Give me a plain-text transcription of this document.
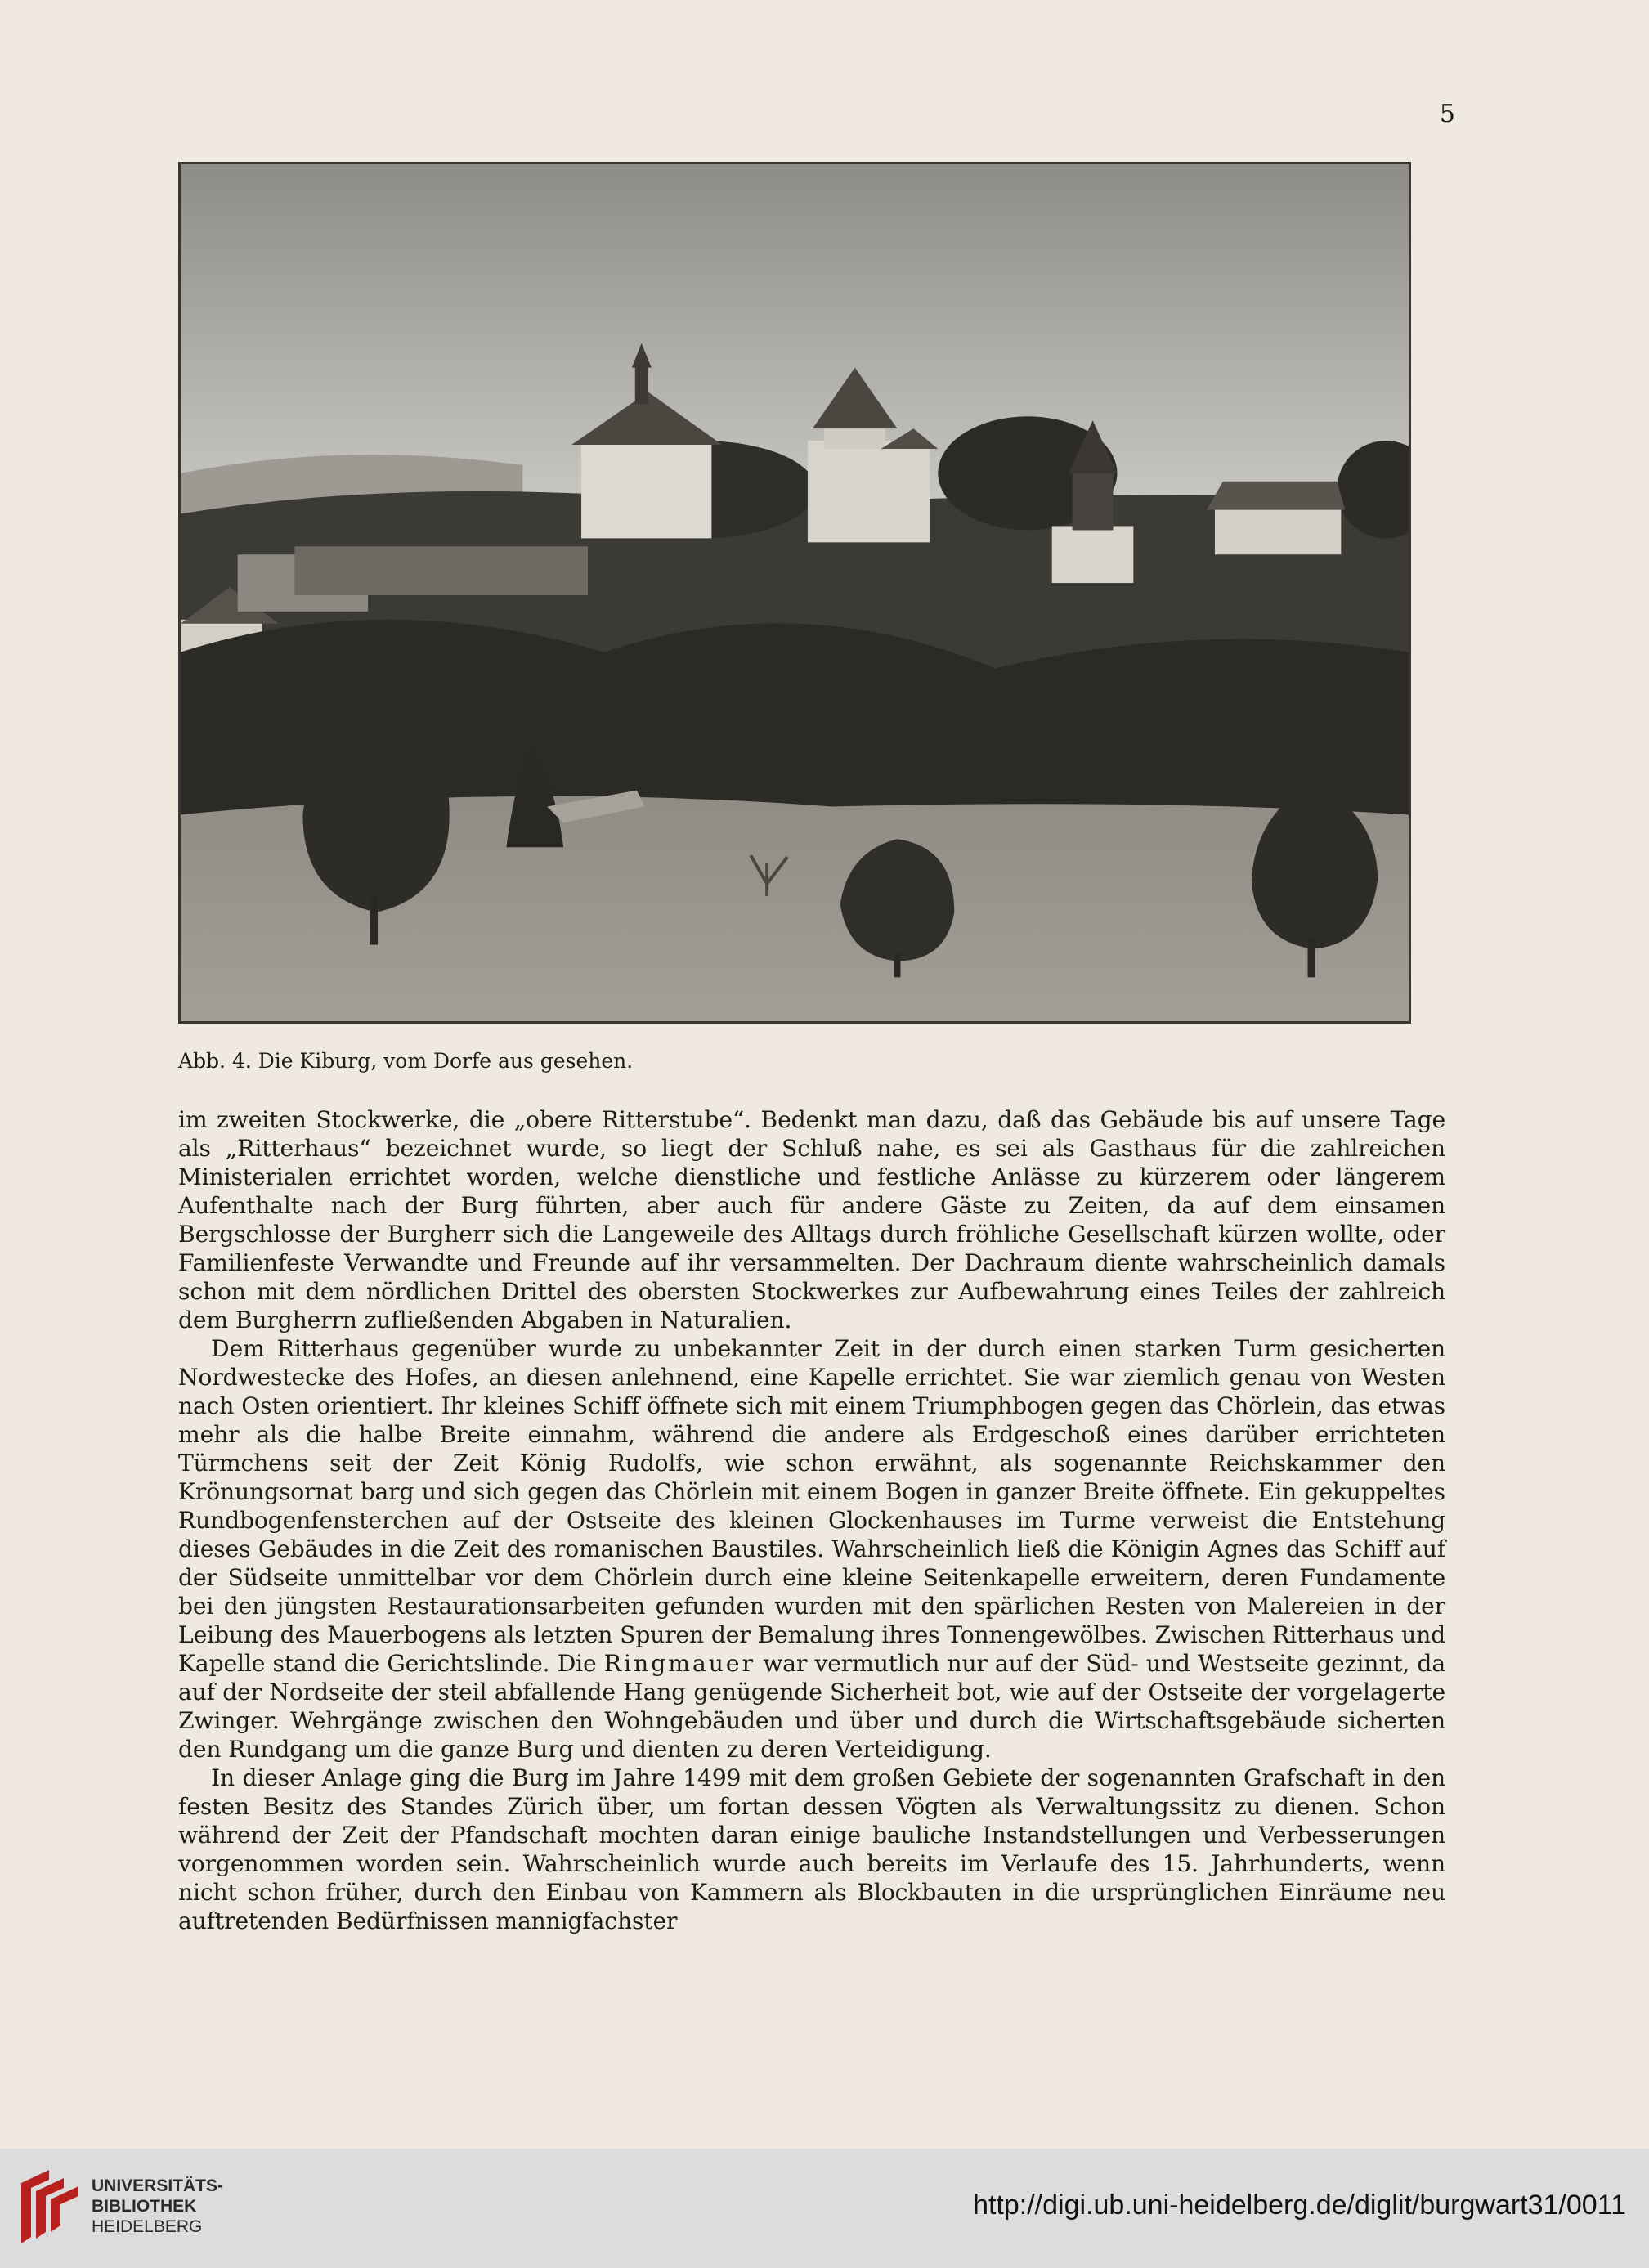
5
Abb. 4. Die Kiburg, vom Dorfe aus gesehen.

im zweiten Stockwerke, die „obere Ritterstube“. Bedenkt man dazu, daß das Gebäude bis auf unsere Tage als „Ritterhaus“ bezeichnet wurde, so liegt der Schluß nahe, es sei als Gasthaus für die zahlreichen Ministerialen errichtet worden, welche dienstliche und festliche Anlässe zu kürzerem oder längerem Aufenthalte nach der Burg führten, aber auch für andere Gäste zu Zeiten, da auf dem einsamen Bergschlosse der Burgherr sich die Langeweile des Alltags durch fröhliche Gesellschaft kürzen wollte, oder Familienfeste Verwandte und Freunde auf ihr versammelten. Der Dachraum diente wahrscheinlich damals schon mit dem nördlichen Drittel des obersten Stockwerkes zur Aufbewahrung eines Teiles der zahlreich dem Burgherrn zufließenden Abgaben in Naturalien.

Dem Ritterhaus gegenüber wurde zu unbekannter Zeit in der durch einen starken Turm gesicherten Nordwestecke des Hofes, an diesen anlehnend, eine Kapelle errichtet. Sie war ziemlich genau von Westen nach Osten orientiert. Ihr kleines Schiff öffnete sich mit einem Triumphbogen gegen das Chörlein, das etwas mehr als die halbe Breite einnahm, während die andere als Erdgeschoß eines darüber errichteten Türmchens seit der Zeit König Rudolfs, wie schon erwähnt, als sogenannte Reichskammer den Krönungsornat barg und sich gegen das Chörlein mit einem Bogen in ganzer Breite öffnete. Ein gekuppeltes Rundbogenfensterchen auf der Ostseite des kleinen Glockenhauses im Turme verweist die Entstehung dieses Gebäudes in die Zeit des romanischen Baustiles. Wahrscheinlich ließ die Königin Agnes das Schiff auf der Südseite unmittelbar vor dem Chörlein durch eine kleine Seitenkapelle erweitern, deren Fundamente bei den jüngsten Restaurationsarbeiten gefunden wurden mit den spärlichen Resten von Malereien in der Leibung des Mauerbogens als letzten Spuren der Bemalung ihres Tonnengewölbes. Zwischen Ritterhaus und Kapelle stand die Gerichtslinde. Die Ringmauer war vermutlich nur auf der Süd- und Westseite gezinnt, da auf der Nordseite der steil abfallende Hang genügende Sicherheit bot, wie auf der Ostseite der vorgelagerte Zwinger. Wehrgänge zwischen den Wohngebäuden und über und durch die Wirtschaftsgebäude sicherten den Rundgang um die ganze Burg und dienten zu deren Verteidigung.

In dieser Anlage ging die Burg im Jahre 1499 mit dem großen Gebiete der sogenannten Grafschaft in den festen Besitz des Standes Zürich über, um fortan dessen Vögten als Verwaltungssitz zu dienen. Schon während der Zeit der Pfandschaft mochten daran einige bauliche Instandstellungen und Verbesserungen vorgenommen worden sein. Wahrscheinlich wurde auch bereits im Verlaufe des 15. Jahrhunderts, wenn nicht schon früher, durch den Einbau von Kammern als Blockbauten in die ursprünglichen Einräume neu auftretenden Bedürfnissen mannigfachster

UNIVERSITÄTS-
BIBLIOTHEK
HEIDELBERG
http://digi.ub.uni-heidelberg.de/diglit/burgwart31/0011
